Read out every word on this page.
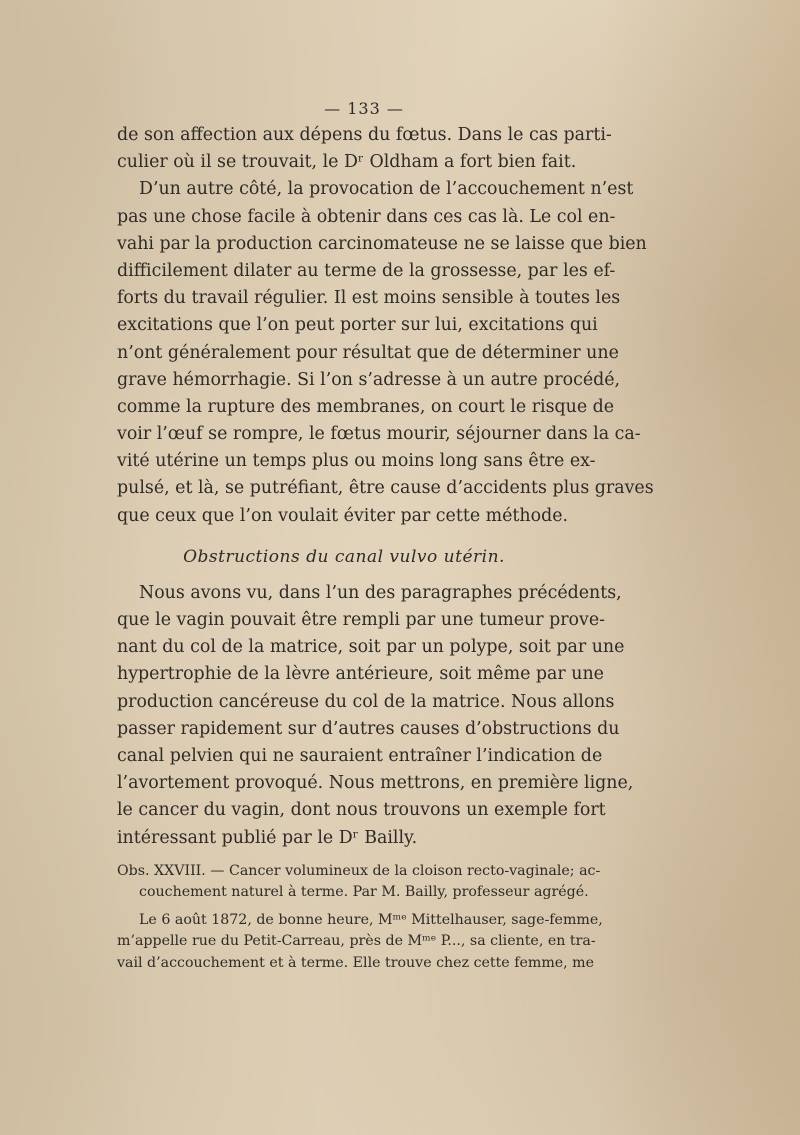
— 133 —
de son affection aux dépens du fœtus. Dans le cas parti-
culier où il se trouvait, le Dʳ Oldham a fort bien fait.
D’un autre côté, la provocation de l’accouchement n’est
pas une chose facile à obtenir dans ces cas là. Le col en-
vahi par la production carcinomateuse ne se laisse que bien
difficilement dilater au terme de la grossesse, par les ef-
forts du travail régulier. Il est moins sensible à toutes les
excitations que l’on peut porter sur lui, excitations qui
n’ont généralement pour résultat que de déterminer une
grave hémorrhagie. Si l’on s’adresse à un autre procédé,
comme la rupture des membranes, on court le risque de
voir l’œuf se rompre, le fœtus mourir, séjourner dans la ca-
vité utérine un temps plus ou moins long sans être ex-
pulsé, et là, se putréfiant, être cause d’accidents plus graves
que ceux que l’on voulait éviter par cette méthode.
Obstructions du canal vulvo utérin.
Nous avons vu, dans l’un des paragraphes précédents,
que le vagin pouvait être rempli par une tumeur prove-
nant du col de la matrice, soit par un polype, soit par une
hypertrophie de la lèvre antérieure, soit même par une
production cancéreuse du col de la matrice. Nous allons
passer rapidement sur d’autres causes d’obstructions du
canal pelvien qui ne sauraient entraîner l’indication de
l’avortement provoqué. Nous mettrons, en première ligne,
le cancer du vagin, dont nous trouvons un exemple fort
intéressant publié par le Dʳ Bailly.
Obs. XXVIII. — Cancer volumineux de la cloison recto-vaginale; ac-
couchement naturel à terme. Par M. Bailly, professeur agrégé.
Le 6 août 1872, de bonne heure, Mᵐᵉ Mittelhauser, sage-femme,
m’appelle rue du Petit-Carreau, près de Mᵐᵉ P..., sa cliente, en tra-
vail d’accouchement et à terme. Elle trouve chez cette femme, me
